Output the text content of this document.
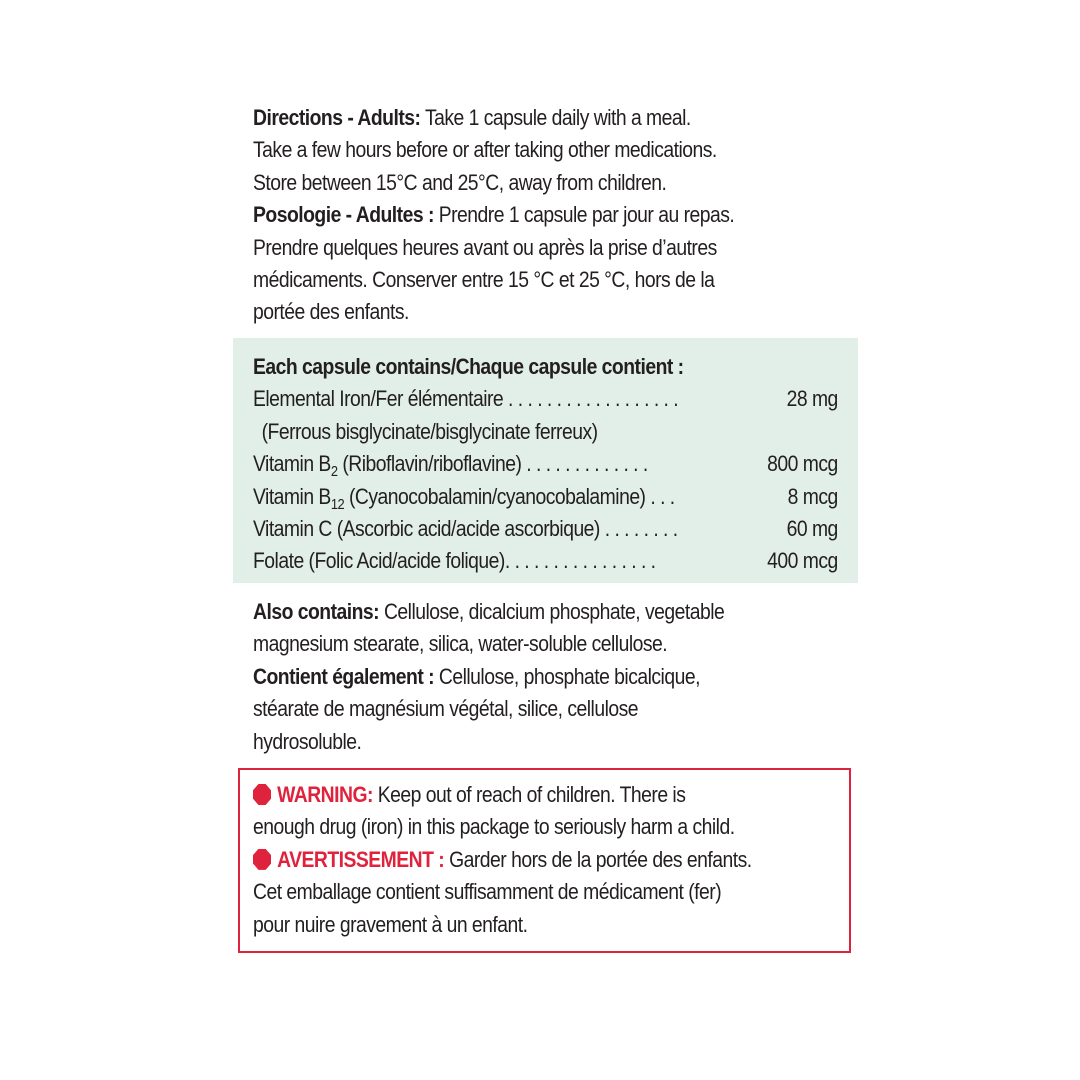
Directions - Adults: Take 1 capsule daily with a meal.
Take a few hours before or after taking other medications.
Store between 15°C and 25°C, away from children.
Posologie - Adultes : Prendre 1 capsule par jour au repas.
Prendre quelques heures avant ou après la prise d’autres
médicaments. Conserver entre 15 °C et 25 °C, hors de la
portée des enfants.
Each capsule contains/Chaque capsule contient :
Elemental Iron/Fer élémentaire . . . . . . . . . . . . . . . . . .	28 mg
(Ferrous bisglycinate/bisglycinate ferreux)
Vitamin $B_2$ (Riboflavin/riboflavine) . . . . . . . . . . . . .	800 mcg
Vitamin $B_{12}$ (Cyanocobalamin/cyanocobalamine) . . .	8 mcg
Vitamin C (Ascorbic acid/acide ascorbique) . . . . . . . .	60 mg
Folate (Folic Acid/acide folique). . . . . . . . . . . . . . . .	400 mcg
Also contains: Cellulose, dicalcium phosphate, vegetable
magnesium stearate, silica, water-soluble cellulose.
Contient également : Cellulose, phosphate bicalcique,
stéarate de magnésium végétal, silice, cellulose
hydrosoluble.
WARNING: Keep out of reach of children. There is
enough drug (iron) in this package to seriously harm a child.
AVERTISSEMENT : Garder hors de la portée des enfants.
Cet emballage contient suffisamment de médicament (fer)
pour nuire gravement à un enfant.
